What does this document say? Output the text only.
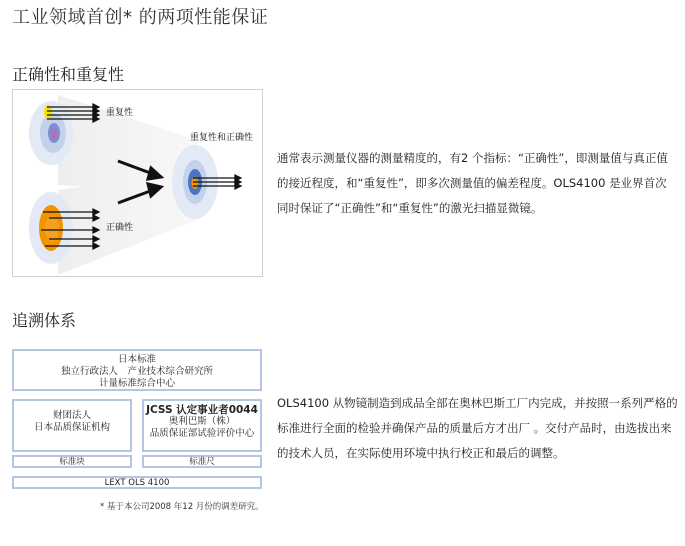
工业领域首创* 的两项性能保证
正确性和重复性
重复性
正确性
重复性和正确性
通常表示测量仪器的测量精度的，有2 个指标：“正确性”，即测量值与真正值的接近程度，和“重复性”，即多次测量值的偏差程度。OLS4100 是业界首次同时保证了“正确性”和“重复性”的激光扫描显微镜。
追溯体系
日本标准
独立行政法人　产业技术综合研究所
计量标准综合中心
财团法人
日本品质保证机构
JCSS 认定事业者0044
奥利巴斯（株）
品质保证部试验评价中心
标准块	标准尺
LEXT OLS 4100
* 基于本公司2008 年12 月份的调差研究。
OLS4100 从物镜制造到成品全部在奥林巴斯工厂内完成，并按照一系列严格的标准进行全面的检验并确保产品的质量后方才出厂 。交付产品时，由选拔出来的技术人员，在实际使用环境中执行校正和最后的调整。
